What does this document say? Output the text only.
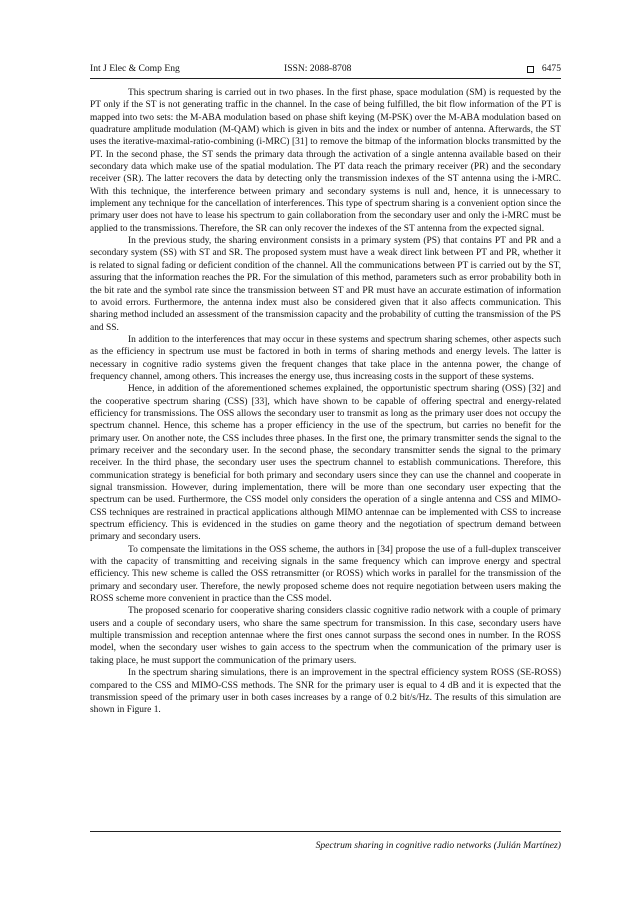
Int J Elec & Comp Eng	ISSN: 2088-8708	6475

This spectrum sharing is carried out in two phases. In the first phase, space modulation (SM) is requested by the PT only if the ST is not generating traffic in the channel. In the case of being fulfilled, the bit flow information of the PT is mapped into two sets: the M-ABA modulation based on phase shift keying (M-PSK) over the M-ABA modulation based on quadrature amplitude modulation (M-QAM) which is given in bits and the index or number of antenna. Afterwards, the ST uses the iterative-maximal-ratio-combining (i-MRC) [31] to remove the bitmap of the information blocks transmitted by the PT. In the second phase, the ST sends the primary data through the activation of a single antenna available based on their secondary data which make use of the spatial modulation. The PT data reach the primary receiver (PR) and the secondary receiver (SR). The latter recovers the data by detecting only the transmission indexes of the ST antenna using the i-MRC. With this technique, the interference between primary and secondary systems is null and, hence, it is unnecessary to implement any technique for the cancellation of interferences. This type of spectrum sharing is a convenient option since the primary user does not have to lease his spectrum to gain collaboration from the secondary user and only the i-MRC must be applied to the transmissions. Therefore, the SR can only recover the indexes of the ST antenna from the expected signal.

In the previous study, the sharing environment consists in a primary system (PS) that contains PT and PR and a secondary system (SS) with ST and SR. The proposed system must have a weak direct link between PT and PR, whether it is related to signal fading or deficient condition of the channel. All the communications between PT is carried out by the ST, assuring that the information reaches the PR. For the simulation of this method, parameters such as error probability both in the bit rate and the symbol rate since the transmission between ST and PR must have an accurate estimation of information to avoid errors. Furthermore, the antenna index must also be considered given that it also affects communication. This sharing method included an assessment of the transmission capacity and the probability of cutting the transmission of the PS and SS.

In addition to the interferences that may occur in these systems and spectrum sharing schemes, other aspects such as the efficiency in spectrum use must be factored in both in terms of sharing methods and energy levels. The latter is necessary in cognitive radio systems given the frequent changes that take place in the antenna power, the change of frequency channel, among others. This increases the energy use, thus increasing costs in the support of these systems.

Hence, in addition of the aforementioned schemes explained, the opportunistic spectrum sharing (OSS) [32] and the cooperative spectrum sharing (CSS) [33], which have shown to be capable of offering spectral and energy-related efficiency for transmissions. The OSS allows the secondary user to transmit as long as the primary user does not occupy the spectrum channel. Hence, this scheme has a proper efficiency in the use of the spectrum, but carries no benefit for the primary user. On another note, the CSS includes three phases. In the first one, the primary transmitter sends the signal to the primary receiver and the secondary user. In the second phase, the secondary transmitter sends the signal to the primary receiver. In the third phase, the secondary user uses the spectrum channel to establish communications. Therefore, this communication strategy is beneficial for both primary and secondary users since they can use the channel and cooperate in signal transmission. However, during implementation, there will be more than one secondary user expecting that the spectrum can be used. Furthermore, the CSS model only considers the operation of a single antenna and CSS and MIMO-CSS techniques are restrained in practical applications although MIMO antennae can be implemented with CSS to increase spectrum efficiency. This is evidenced in the studies on game theory and the negotiation of spectrum demand between primary and secondary users.

To compensate the limitations in the OSS scheme, the authors in [34] propose the use of a full-duplex transceiver with the capacity of transmitting and receiving signals in the same frequency which can improve energy and spectral efficiency. This new scheme is called the OSS retransmitter (or ROSS) which works in parallel for the transmission of the primary and secondary user. Therefore, the newly proposed scheme does not require negotiation between users making the ROSS scheme more convenient in practice than the CSS model.

The proposed scenario for cooperative sharing considers classic cognitive radio network with a couple of primary users and a couple of secondary users, who share the same spectrum for transmission. In this case, secondary users have multiple transmission and reception antennae where the first ones cannot surpass the second ones in number. In the ROSS model, when the secondary user wishes to gain access to the spectrum when the communication of the primary user is taking place, he must support the communication of the primary users.

In the spectrum sharing simulations, there is an improvement in the spectral efficiency system ROSS (SE-ROSS) compared to the CSS and MIMO-CSS methods. The SNR for the primary user is equal to 4 dB and it is expected that the transmission speed of the primary user in both cases increases by a range of 0.2 bit/s/Hz. The results of this simulation are shown in Figure 1.

Spectrum sharing in cognitive radio networks (Julián Martínez)
